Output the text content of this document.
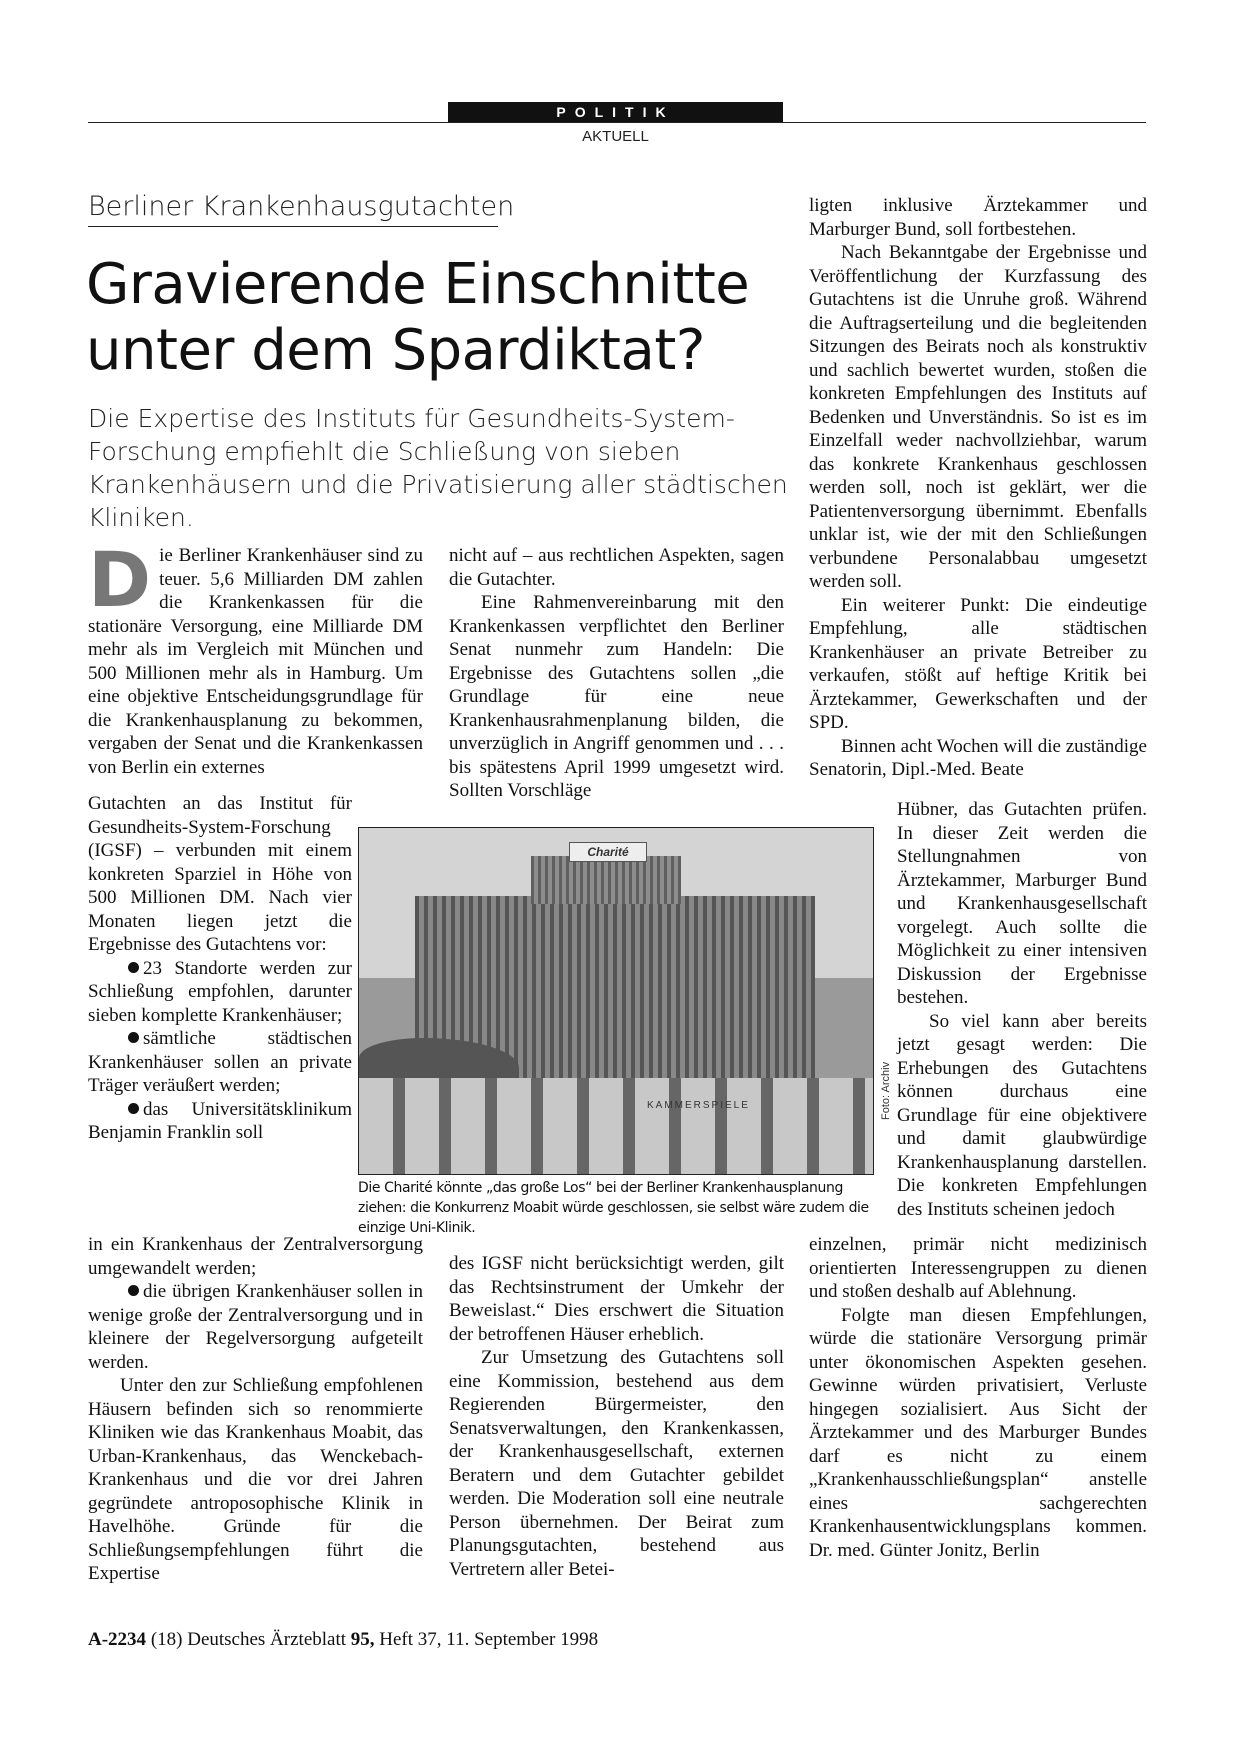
POLITIK
AKTUELL
Berliner Krankenhausgutachten
Gravierende Einschnitte
unter dem Spardiktat?
Die Expertise des Instituts für Gesundheits-System-Forschung empfiehlt die Schließung von sieben Krankenhäusern und die Privatisierung aller städtischen Kliniken.
D ie Berliner Krankenhäuser sind zu teuer. 5,6 Milliarden DM zahlen die Krankenkassen für die stationäre Versorgung, eine Milliarde DM mehr als im Vergleich mit München und 500 Millionen mehr als in Hamburg. Um eine objektive Entscheidungsgrundlage für die Krankenhausplanung zu bekommen, vergaben der Senat und die Krankenkassen von Berlin ein externes

Gutachten an das Institut für Gesundheits-System-Forschung (IGSF) – verbunden mit einem konkreten Sparziel in Höhe von 500 Millionen DM. Nach vier Monaten liegen jetzt die Ergebnisse des Gutachtens vor:

23 Standorte werden zur Schließung empfohlen, darunter sieben komplette Krankenhäuser;

sämtliche städtischen Krankenhäuser sollen an private Träger veräußert werden;

das Universitätsklinikum Benjamin Franklin soll

in ein Krankenhaus der Zentralversorgung umgewandelt werden;

die übrigen Krankenhäuser sollen in wenige große der Zentralversorgung und in kleinere der Regelversorgung aufgeteilt werden.

Unter den zur Schließung empfohlenen Häusern befinden sich so renommierte Kliniken wie das Krankenhaus Moabit, das Urban-Krankenhaus, das Wenckebach-Krankenhaus und die vor drei Jahren gegründete antroposophische Klinik in Havelhöhe. Gründe für die Schließungsempfehlungen führt die Expertise

nicht auf – aus rechtlichen Aspekten, sagen die Gutachter.

Eine Rahmenvereinbarung mit den Krankenkassen verpflichtet den Berliner Senat nunmehr zum Handeln: Die Ergebnisse des Gutachtens sollen „die Grundlage für eine neue Krankenhausrahmenplanung bilden, die unverzüglich in Angriff genommen und . . . bis spätestens April 1999 umgesetzt wird. Sollten Vorschläge

des IGSF nicht berücksichtigt werden, gilt das Rechtsinstrument der Umkehr der Beweislast.“ Dies erschwert die Situation der betroffenen Häuser erheblich.

Zur Umsetzung des Gutachtens soll eine Kommission, bestehend aus dem Regierenden Bürgermeister, den Senatsverwaltungen, den Krankenkassen, der Krankenhausgesellschaft, externen Beratern und dem Gutachter gebildet werden. Die Moderation soll eine neutrale Person übernehmen. Der Beirat zum Planungsgutachten, bestehend aus Vertretern aller Betei-

ligten inklusive Ärztekammer und Marburger Bund, soll fortbestehen.

Nach Bekanntgabe der Ergebnisse und Veröffentlichung der Kurzfassung des Gutachtens ist die Unruhe groß. Während die Auftragserteilung und die begleitenden Sitzungen des Beirats noch als konstruktiv und sachlich bewertet wurden, stoßen die konkreten Empfehlungen des Instituts auf Bedenken und Unverständnis. So ist es im Einzelfall weder nachvollziehbar, warum das konkrete Krankenhaus geschlossen werden soll, noch ist geklärt, wer die Patientenversorgung übernimmt. Ebenfalls unklar ist, wie der mit den Schließungen verbundene Personalabbau umgesetzt werden soll.

Ein weiterer Punkt: Die eindeutige Empfehlung, alle städtischen Krankenhäuser an private Betreiber zu verkaufen, stößt auf heftige Kritik bei Ärztekammer, Gewerkschaften und der SPD.

Binnen acht Wochen will die zuständige Senatorin, Dipl.-Med. Beate

Hübner, das Gutachten prüfen. In dieser Zeit werden die Stellungnahmen von Ärztekammer, Marburger Bund und Krankenhausgesellschaft vorgelegt. Auch sollte die Möglichkeit zu einer intensiven Diskussion der Ergebnisse bestehen.

So viel kann aber bereits jetzt gesagt werden: Die Erhebungen des Gutachtens können durchaus eine Grundlage für eine objektivere und damit glaubwürdige Krankenhausplanung darstellen. Die konkreten Empfehlungen des Instituts scheinen jedoch

einzelnen, primär nicht medizinisch orientierten Interessengruppen zu dienen und stoßen deshalb auf Ablehnung.

Folgte man diesen Empfehlungen, würde die stationäre Versorgung primär unter ökonomischen Aspekten gesehen. Gewinne würden privatisiert, Verluste hingegen sozialisiert. Aus Sicht der Ärztekammer und des Marburger Bundes darf es nicht zu einem „Krankenhausschließungsplan“ anstelle eines sachgerechten Krankenhausentwicklungsplans kommen. Dr. med. Günter Jonitz, Berlin

Charité
KAMMERSPIELE	Foto: Archiv
Die Charité könnte „das große Los“ bei der Berliner Krankenhausplanung ziehen: die Konkurrenz Moabit würde geschlossen, sie selbst wäre zudem die einzige Uni-Klinik.
A-2234 (18) Deutsches Ärzteblatt 95, Heft 37, 11. September 1998
